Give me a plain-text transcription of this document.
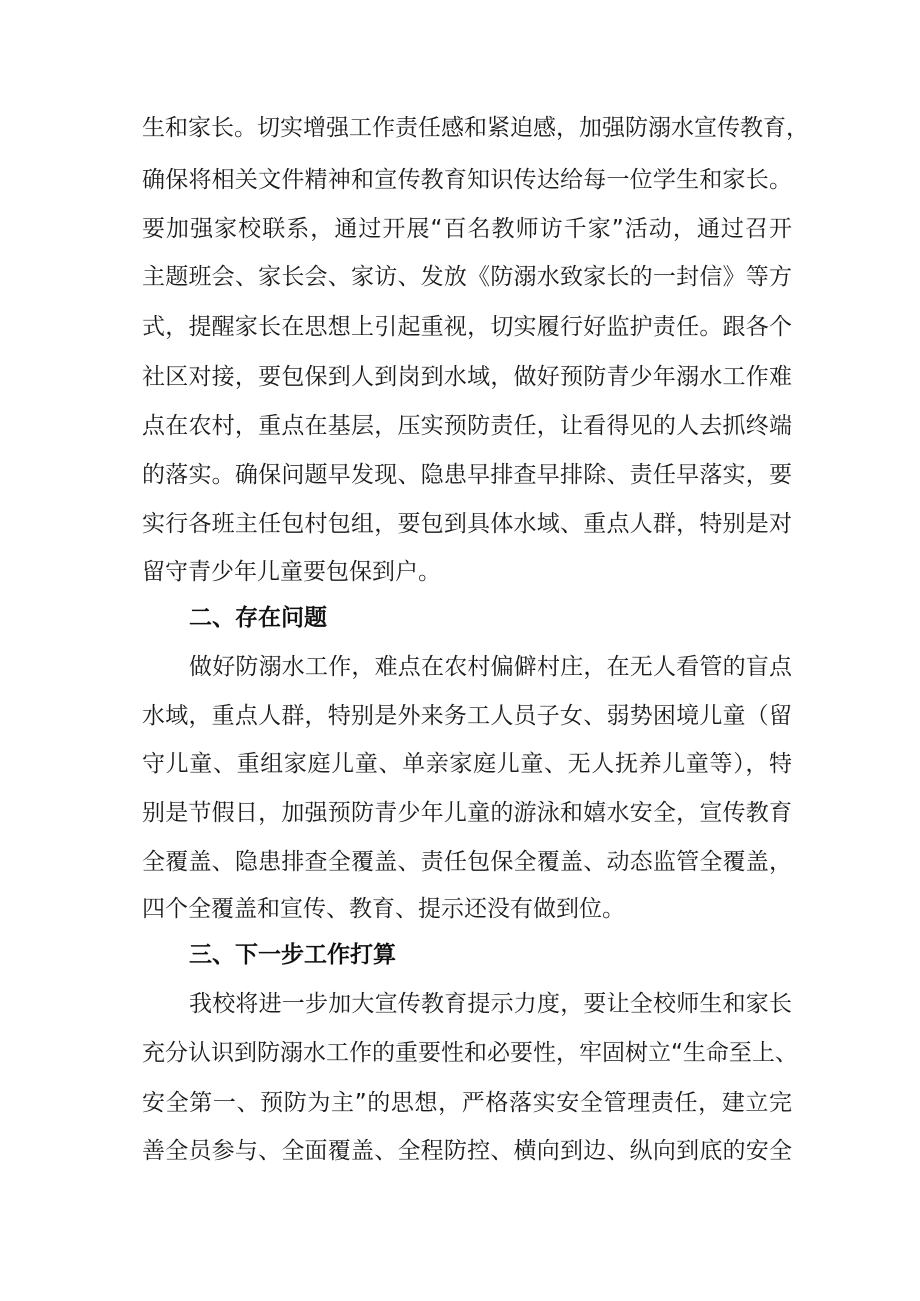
生和家长。切实增强工作责任感和紧迫感，加强防溺水宣传教育，
确保将相关文件精神和宣传教育知识传达给每一位学生和家长。
要加强家校联系，通过开展“百名教师访千家”活动，通过召开
主题班会、家长会、家访、发放《防溺水致家长的一封信》等方
式，提醒家长在思想上引起重视，切实履行好监护责任。跟各个
社区对接，要包保到人到岗到水域，做好预防青少年溺水工作难
点在农村，重点在基层，压实预防责任，让看得见的人去抓终端
的落实。确保问题早发现、隐患早排查早排除、责任早落实，要
实行各班主任包村包组，要包到具体水域、重点人群，特别是对
留守青少年儿童要包保到户。
二、存在问题
做好防溺水工作，难点在农村偏僻村庄，在无人看管的盲点
水域，重点人群，特别是外来务工人员子女、弱势困境儿童（留
守儿童、重组家庭儿童、单亲家庭儿童、无人抚养儿童等），特
别是节假日，加强预防青少年儿童的游泳和嬉水安全，宣传教育
全覆盖、隐患排查全覆盖、责任包保全覆盖、动态监管全覆盖，
四个全覆盖和宣传、教育、提示还没有做到位。
三、下一步工作打算
我校将进一步加大宣传教育提示力度，要让全校师生和家长
充分认识到防溺水工作的重要性和必要性，牢固树立“生命至上、
安全第一、预防为主”的思想，严格落实安全管理责任，建立完
善全员参与、全面覆盖、全程防控、横向到边、纵向到底的安全
